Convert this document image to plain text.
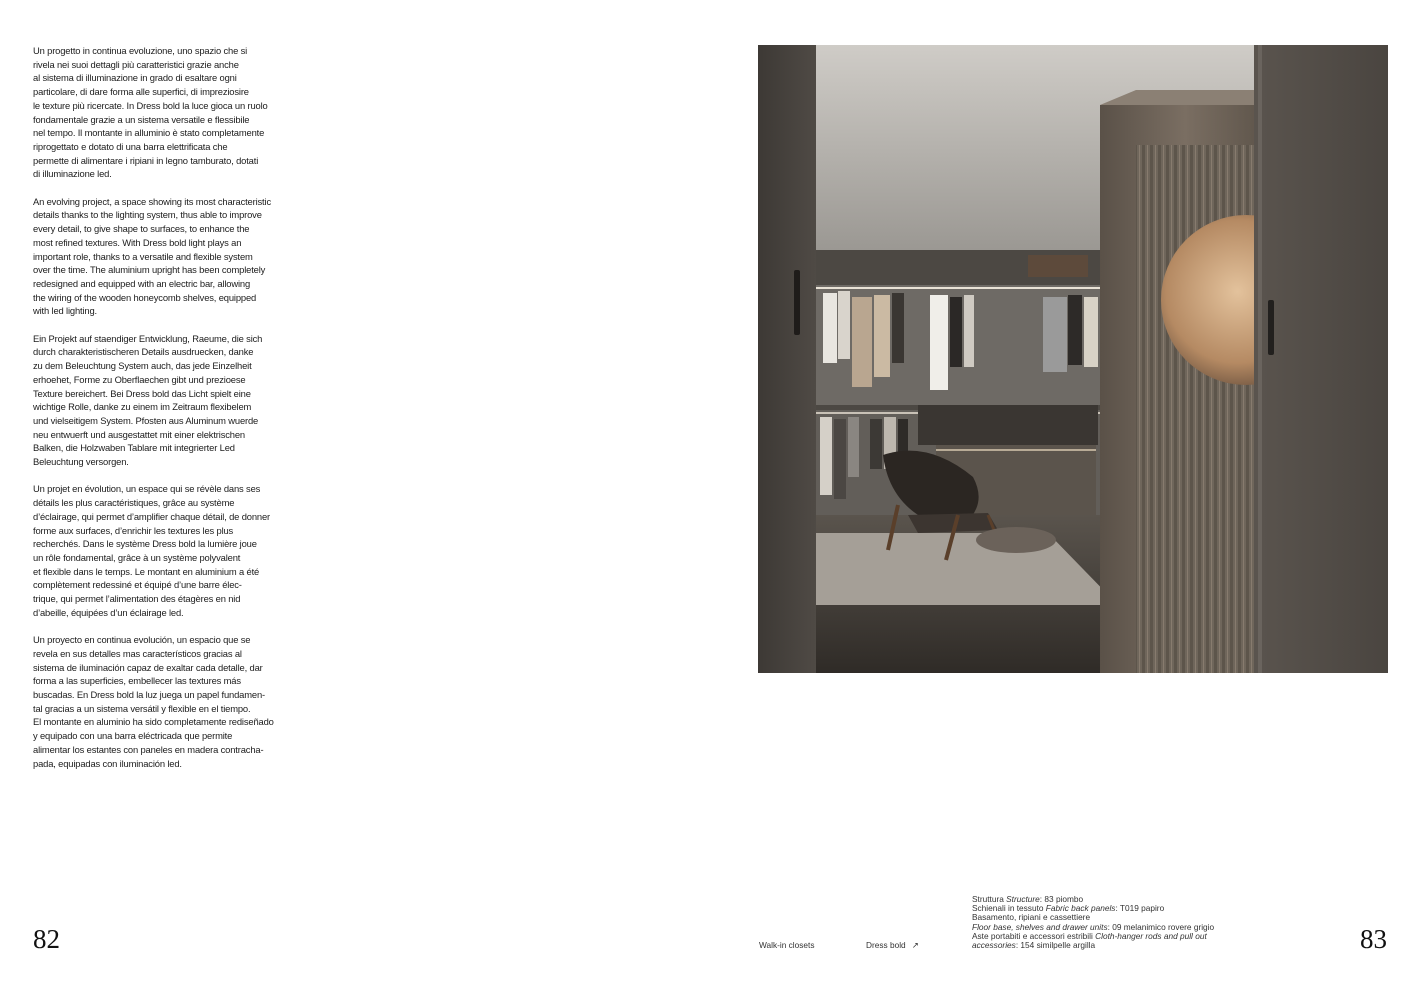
Un progetto in continua evoluzione, uno spazio che si
rivela nei suoi dettagli più caratteristici grazie anche
al sistema di illuminazione in grado di esaltare ogni
particolare, di dare forma alle superfici, di impreziosire
le texture più ricercate. In Dress bold la luce gioca un ruolo
fondamentale grazie a un sistema versatile e flessibile
nel tempo. Il montante in alluminio è stato completamente
riprogettato e dotato di una barra elettrificata che
permette di alimentare i ripiani in legno tamburato, dotati
di illuminazione led.

An evolving project, a space showing its most characteristic
details thanks to the lighting system, thus able to improve
every detail, to give shape to surfaces, to enhance the
most refined textures. With Dress bold light plays an
important role, thanks to a versatile and flexible system
over the time. The aluminium upright has been completely
redesigned and equipped with an electric bar, allowing
the wiring of the wooden honeycomb shelves, equipped
with led lighting.

Ein Projekt auf staendiger Entwicklung, Raeume, die sich
durch charakteristischeren Details ausdruecken, danke
zu dem Beleuchtung System auch, das jede Einzelheit
erhoehet, Forme zu Oberflaechen gibt und prezioese
Texture bereichert. Bei Dress bold das Licht spielt eine
wichtige Rolle, danke zu einem im Zeitraum flexibelem
und vielseitigem System. Pfosten aus Aluminum wuerde
neu entwuerft und ausgestattet mit einer elektrischen
Balken, die Holzwaben Tablare mit integrierter Led
Beleuchtung versorgen.

Un projet en évolution, un espace qui se révèle dans ses
détails les plus caractéristiques, grâce au système
d’éclairage, qui permet d’amplifier chaque détail, de donner
forme aux surfaces, d’enrichir les textures les plus
recherchés. Dans le système Dress bold la lumière joue
un rôle fondamental, grâce à un système polyvalent
et flexible dans le temps. Le montant en aluminium a été
complètement redessiné et équipé d’une barre élec-
trique, qui permet l’alimentation des étagères en nid
d’abeille, équipées d’un éclairage led.

Un proyecto en continua evolución, un espacio que se
revela en sus detalles mas característicos gracias al
sistema de iluminación capaz de exaltar cada detalle, dar
forma a las superficies, embellecer las textures más
buscadas. En Dress bold la luz juega un papel fundamen-
tal gracias a un sistema versátil y flexible en el tiempo.
El montante en aluminio ha sido completamente rediseñado
y equipado con una barra eléctricada que permite
alimentar los estantes con paneles en madera contracha-
pada, equipadas con iluminación led.

82	Walk-in closets	Dress bold ↗
Struttura Structure: 83 piombo
Schienali in tessuto Fabric back panels: T019 papiro
Basamento, ripiani e cassettiere
Floor base, shelves and drawer units: 09 melanimico rovere grigio
Aste portabiti e accessori estribili Cloth-hanger rods and pull out
accessories: 154 similpelle argilla	83
